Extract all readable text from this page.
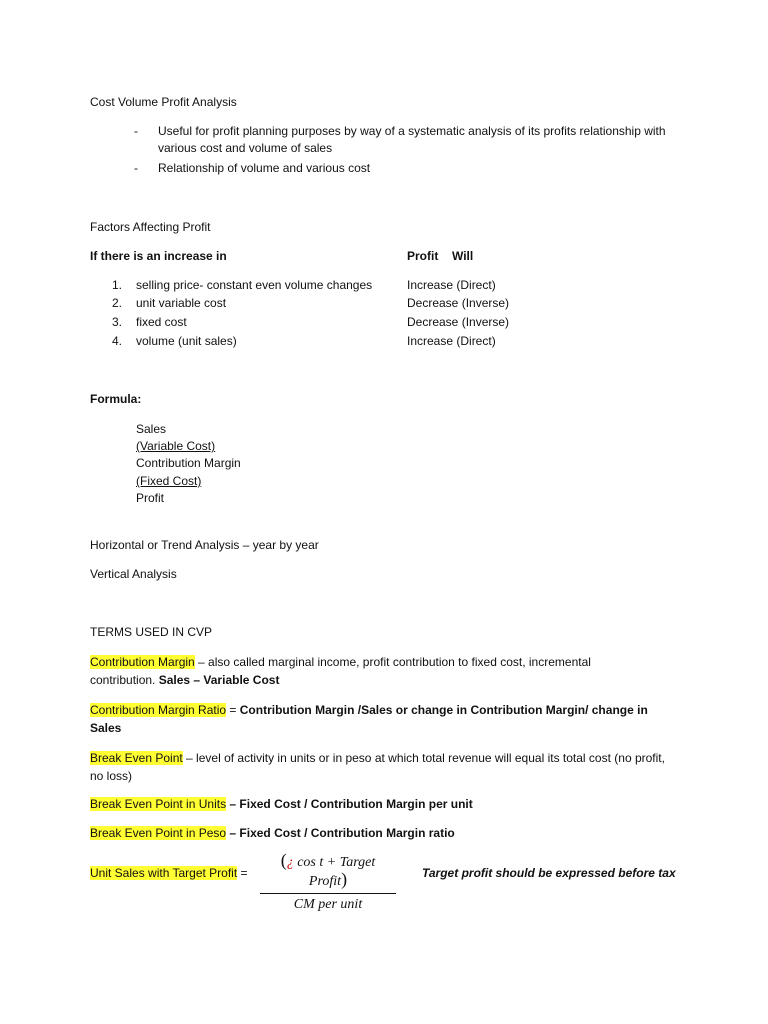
Cost Volume Profit Analysis
- Useful for profit planning purposes by way of a systematic analysis of its profits relationship with various cost and volume of sales
- Relationship of volume and various cost
Factors Affecting Profit
If there is an increase in	Profit Will
1. selling price- constant even volume changes	Increase (Direct)
2. unit variable cost	Decrease (Inverse)
3. fixed cost	Decrease (Inverse)
4. volume (unit sales)	Increase (Direct)
Formula:
Sales
(Variable Cost)
Contribution Margin
(Fixed Cost)
Profit
Horizontal or Trend Analysis – year by year
Vertical Analysis
TERMS USED IN CVP
Contribution Margin – also called marginal income, profit contribution to fixed cost, incremental contribution. Sales – Variable Cost
Contribution Margin Ratio = Contribution Margin /Sales or change in Contribution Margin/ change in Sales
Break Even Point – level of activity in units or in peso at which total revenue will equal its total cost (no profit, no loss)
Break Even Point in Units – Fixed Cost / Contribution Margin per unit
Break Even Point in Peso – Fixed Cost / Contribution Margin ratio
Unit Sales with Target Profit =
(¿ cos t + Target Profit)
CM per unit
Target profit should be expressed before tax
